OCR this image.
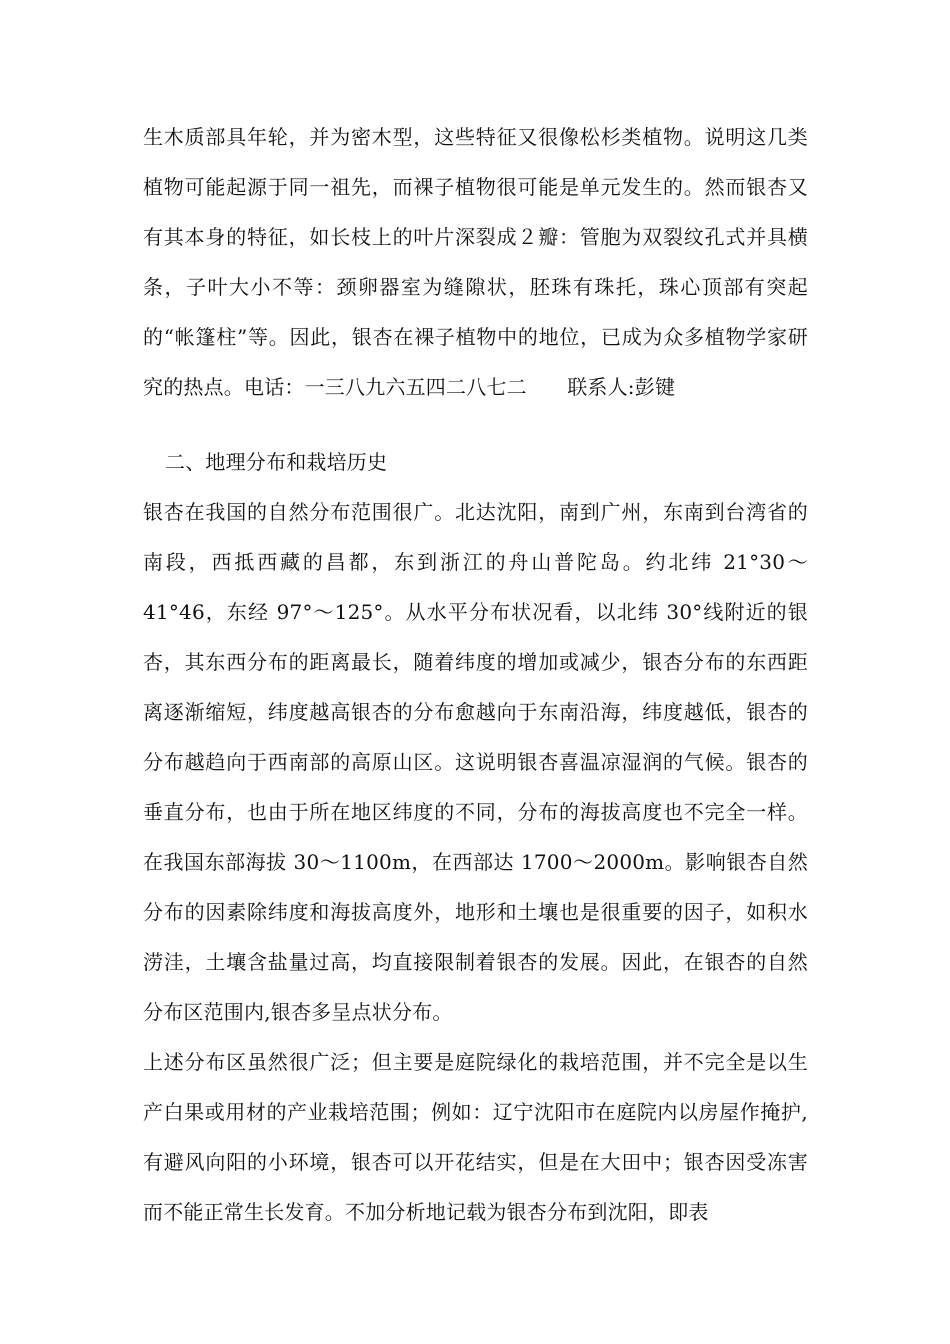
生木质部具年轮，并为密木型，这些特征又很像松杉类植物。说明这几类植物可能起源于同一祖先，而裸子植物很可能是单元发生的。然而银杏又有其本身的特征，如长枝上的叶片深裂成２瓣：管胞为双裂纹孔式并具横条，子叶大小不等：颈卵器室为缝隙状，胚珠有珠托，珠心顶部有突起的“帐篷柱”等。因此，银杏在裸子植物中的地位，已成为众多植物学家研究的热点。电话：一三八九六五四二八七二　　联系人:彭键

二、地理分布和栽培历史

银杏在我国的自然分布范围很广。北达沈阳，南到广州，东南到台湾省的南段，西抵西藏的昌都，东到浙江的舟山普陀岛。约北纬 21°30～41°46，东经 97°～125°。从水平分布状况看，以北纬 30°线附近的银杏，其东西分布的距离最长，随着纬度的增加或减少，银杏分布的东西距离逐渐缩短，纬度越高银杏的分布愈越向于东南沿海，纬度越低，银杏的分布越趋向于西南部的高原山区。这说明银杏喜温凉湿润的气候。银杏的垂直分布，也由于所在地区纬度的不同，分布的海拔高度也不完全一样。在我国东部海拔 30～1100m，在西部达 1700～2000m。影响银杏自然分布的因素除纬度和海拔高度外，地形和土壤也是很重要的因子，如积水涝洼，土壤含盐量过高，均直接限制着银杏的发展。因此，在银杏的自然分布区范围内,银杏多呈点状分布。

上述分布区虽然很广泛；但主要是庭院绿化的栽培范围，并不完全是以生产白果或用材的产业栽培范围；例如：辽宁沈阳市在庭院内以房屋作掩护,有避风向阳的小环境，银杏可以开花结实，但是在大田中；银杏因受冻害而不能正常生长发育。不加分析地记载为银杏分布到沈阳，即表
